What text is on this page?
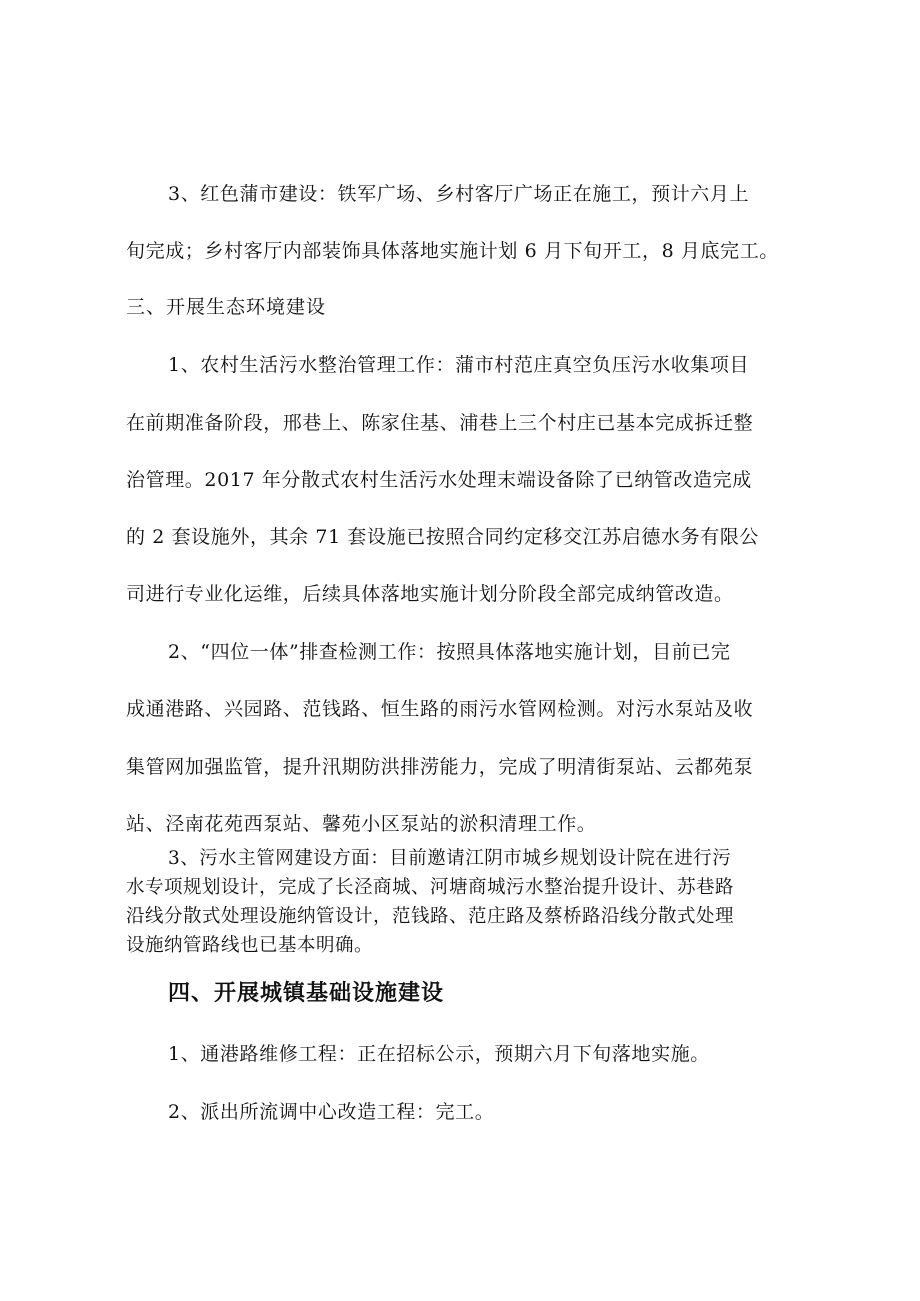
3、红色蒲市建设：铁军广场、乡村客厅广场正在施工，预计六月上
旬完成；乡村客厅内部装饰具体落地实施计划 6 月下旬开工，8 月底完工。
三、开展生态环境建设
1、农村生活污水整治管理工作：蒲市村范庄真空负压污水收集项目
在前期准备阶段，邢巷上、陈家住基、浦巷上三个村庄已基本完成拆迁整
治管理。2017 年分散式农村生活污水处理末端设备除了已纳管改造完成
的 2 套设施外，其余 71 套设施已按照合同约定移交江苏启德水务有限公
司进行专业化运维，后续具体落地实施计划分阶段全部完成纳管改造。
2、“四位一体”排查检测工作：按照具体落地实施计划，目前已完
成通港路、兴园路、范钱路、恒生路的雨污水管网检测。对污水泵站及收
集管网加强监管，提升汛期防洪排涝能力，完成了明清街泵站、云都苑泵
站、泾南花苑西泵站、馨苑小区泵站的淤积清理工作。
3、污水主管网建设方面：目前邀请江阴市城乡规划设计院在进行污
水专项规划设计，完成了长泾商城、河塘商城污水整治提升设计、苏巷路
沿线分散式处理设施纳管设计，范钱路、范庄路及蔡桥路沿线分散式处理
设施纳管路线也已基本明确。
四、开展城镇基础设施建设
1、通港路维修工程：正在招标公示，预期六月下旬落地实施。
2、派出所流调中心改造工程：完工。
